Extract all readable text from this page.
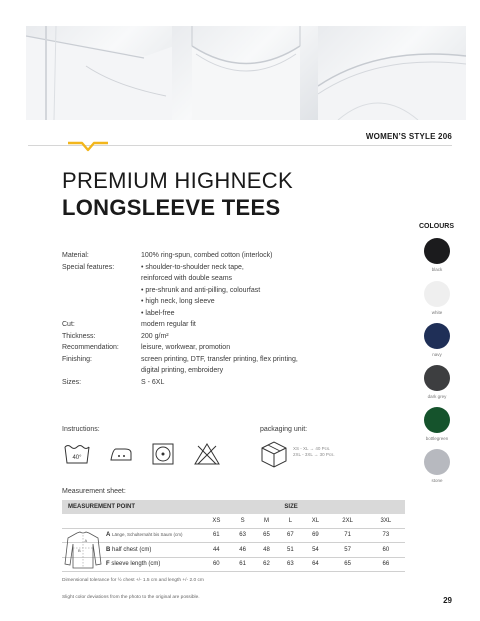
WOMEN’S STYLE 206
PREMIUM HIGHNECK
LONGSLEEVE TEES
Material:	100% ring-spun, combed cotton (interlock)
Special features:	• shoulder-to-shoulder neck tape,
reinforced with double seams
• pre-shrunk and anti-pilling, colourfast
• high neck, long sleeve
• label-free
Cut:	modern regular fit
Thickness:	200 g/m²
Recommendation:	leisure, workwear, promotion
Finishing:	screen printing, DTF, transfer printing, flex printing,
digital printing, embroidery
Sizes:	S - 6XL
COLOURS
black
white
navy
dark grey
bottlegreen
stone
Instructions:
40°
packaging unit:
XS - XL → 40 Pcs.
2XL - 3XL → 30 Pcs.
Measurement sheet:
MEASUREMENT POINT				SIZE			
	XS	S	M	L	XL	2XL	3XL
A Länge, Schulternaht bis Saum (cm)	61	63	65	67	69	71	73
B half chest (cm)	44	46	48	51	54	57	60
F sleeve length (cm)	60	61	62	63	64	65	66
A
B
Dimensional tolerance for ½ chest +/- 1.5 cm and length +/- 2.0 cm
Slight color deviations from the photo to the original are possible.	29
